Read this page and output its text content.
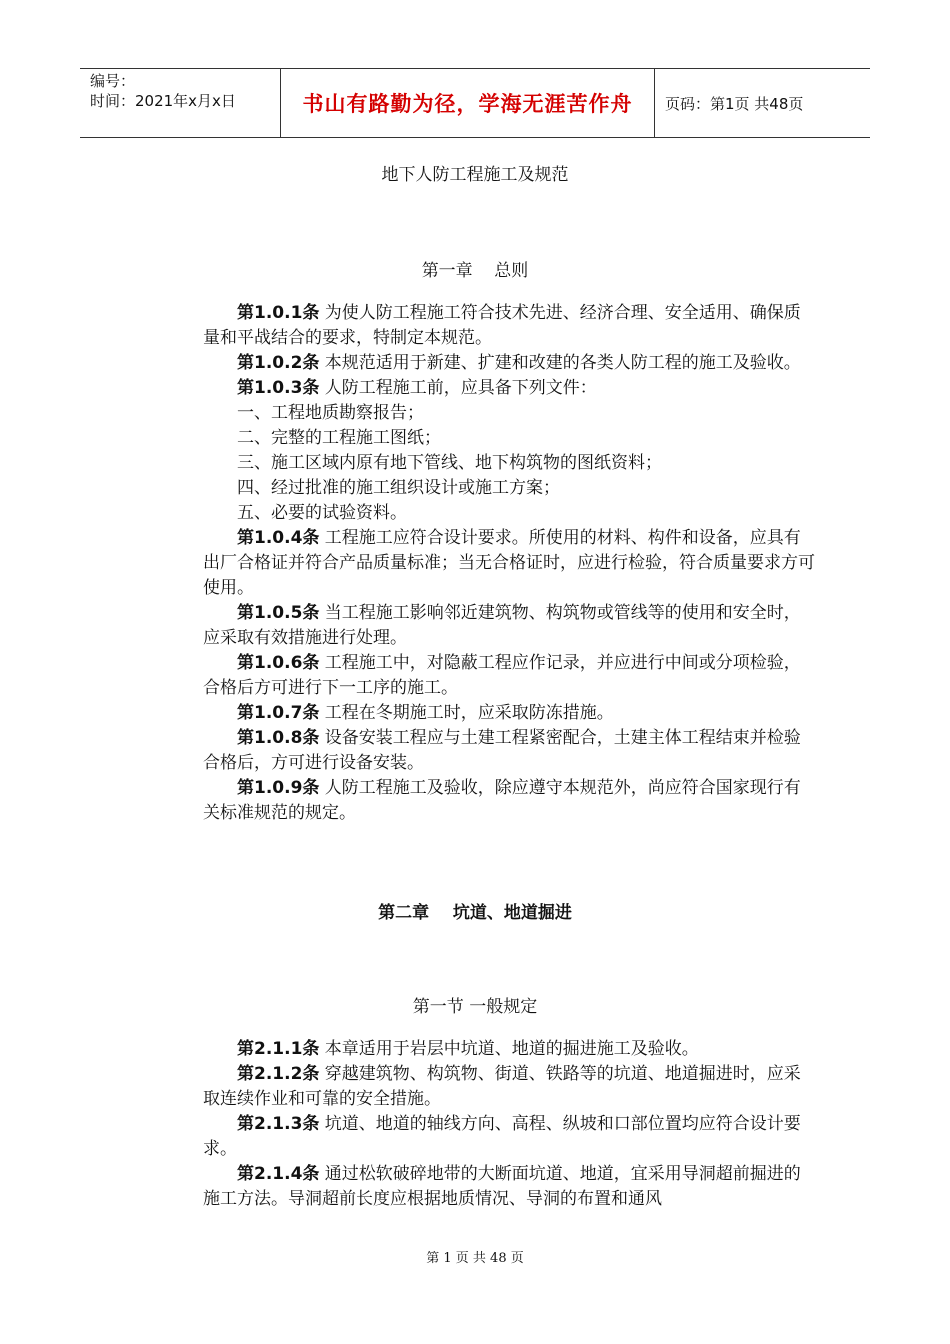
编号：
时间：2021年x月x日	书山有路勤为径，学海无涯苦作舟	页码：第1页 共48页
地下人防工程施工及规范
第一章    总则

第1.0.1条 为使人防工程施工符合技术先进、经济合理、安全适用、确保质量和平战结合的要求，特制定本规范。

第1.0.2条 本规范适用于新建、扩建和改建的各类人防工程的施工及验收。

第1.0.3条 人防工程施工前，应具备下列文件：

一、工程地质勘察报告；

二、完整的工程施工图纸；

三、施工区域内原有地下管线、地下构筑物的图纸资料；

四、经过批准的施工组织设计或施工方案；

五、必要的试验资料。

第1.0.4条 工程施工应符合设计要求。所使用的材料、构件和设备，应具有出厂合格证并符合产品质量标准；当无合格证时，应进行检验，符合质量要求方可使用。

第1.0.5条 当工程施工影响邻近建筑物、构筑物或管线等的使用和安全时，应采取有效措施进行处理。

第1.0.6条 工程施工中，对隐蔽工程应作记录，并应进行中间或分项检验，合格后方可进行下一工序的施工。

第1.0.7条 工程在冬期施工时，应采取防冻措施。

第1.0.8条 设备安装工程应与土建工程紧密配合，土建主体工程结束并检验合格后，方可进行设备安装。

第1.0.9条 人防工程施工及验收，除应遵守本规范外，尚应符合国家现行有关标准规范的规定。

第二章    坑道、地道掘进
第一节 一般规定

第2.1.1条 本章适用于岩层中坑道、地道的掘进施工及验收。

第2.1.2条 穿越建筑物、构筑物、街道、铁路等的坑道、地道掘进时，应采取连续作业和可靠的安全措施。

第2.1.3条 坑道、地道的轴线方向、高程、纵坡和口部位置均应符合设计要求。

第2.1.4条 通过松软破碎地带的大断面坑道、地道，宜采用导洞超前掘进的施工方法。导洞超前长度应根据地质情况、导洞的布置和通风

第 1 页 共 48 页
